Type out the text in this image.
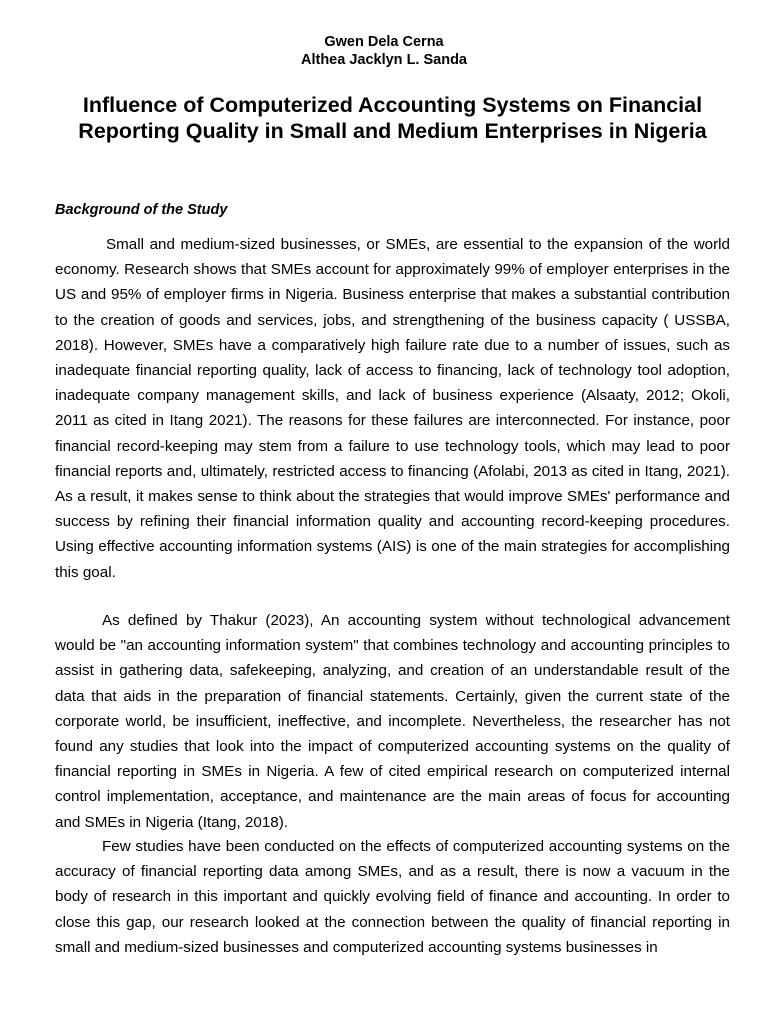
Gwen Dela Cerna
Althea Jacklyn L. Sanda
Influence of Computerized Accounting Systems on Financial Reporting Quality in Small and Medium Enterprises in Nigeria
Background of the Study

Small and medium-sized businesses, or SMEs, are essential to the expansion of the world economy. Research shows that SMEs account for approximately 99% of employer enterprises in the US and 95% of employer firms in Nigeria. Business enterprise that makes a substantial contribution to the creation of goods and services, jobs, and strengthening of the business capacity ( USSBA, 2018). However, SMEs have a comparatively high failure rate due to a number of issues, such as inadequate financial reporting quality, lack of access to financing, lack of technology tool adoption, inadequate company management skills, and lack of business experience (Alsaaty, 2012; Okoli, 2011 as cited in Itang 2021). The reasons for these failures are interconnected. For instance, poor financial record-keeping may stem from a failure to use technology tools, which may lead to poor financial reports and, ultimately, restricted access to financing (Afolabi, 2013 as cited in Itang, 2021). As a result, it makes sense to think about the strategies that would improve SMEs' performance and success by refining their financial information quality and accounting record-keeping procedures. Using effective accounting information systems (AIS) is one of the main strategies for accomplishing this goal.

As defined by Thakur (2023), An accounting system without technological advancement would be "an accounting information system" that combines technology and accounting principles to assist in gathering data, safekeeping, analyzing, and creation of an understandable result of the data that aids in the preparation of financial statements. Certainly, given the current state of the corporate world, be insufficient, ineffective, and incomplete. Nevertheless, the researcher has not found any studies that look into the impact of computerized accounting systems on the quality of financial reporting in SMEs in Nigeria. A few of cited empirical research on computerized internal control implementation, acceptance, and maintenance are the main areas of focus for accounting and SMEs in Nigeria (Itang, 2018).

Few studies have been conducted on the effects of computerized accounting systems on the accuracy of financial reporting data among SMEs, and as a result, there is now a vacuum in the body of research in this important and quickly evolving field of finance and accounting. In order to close this gap, our research looked at the connection between the quality of financial reporting in small and medium-sized businesses and computerized accounting systems businesses in
